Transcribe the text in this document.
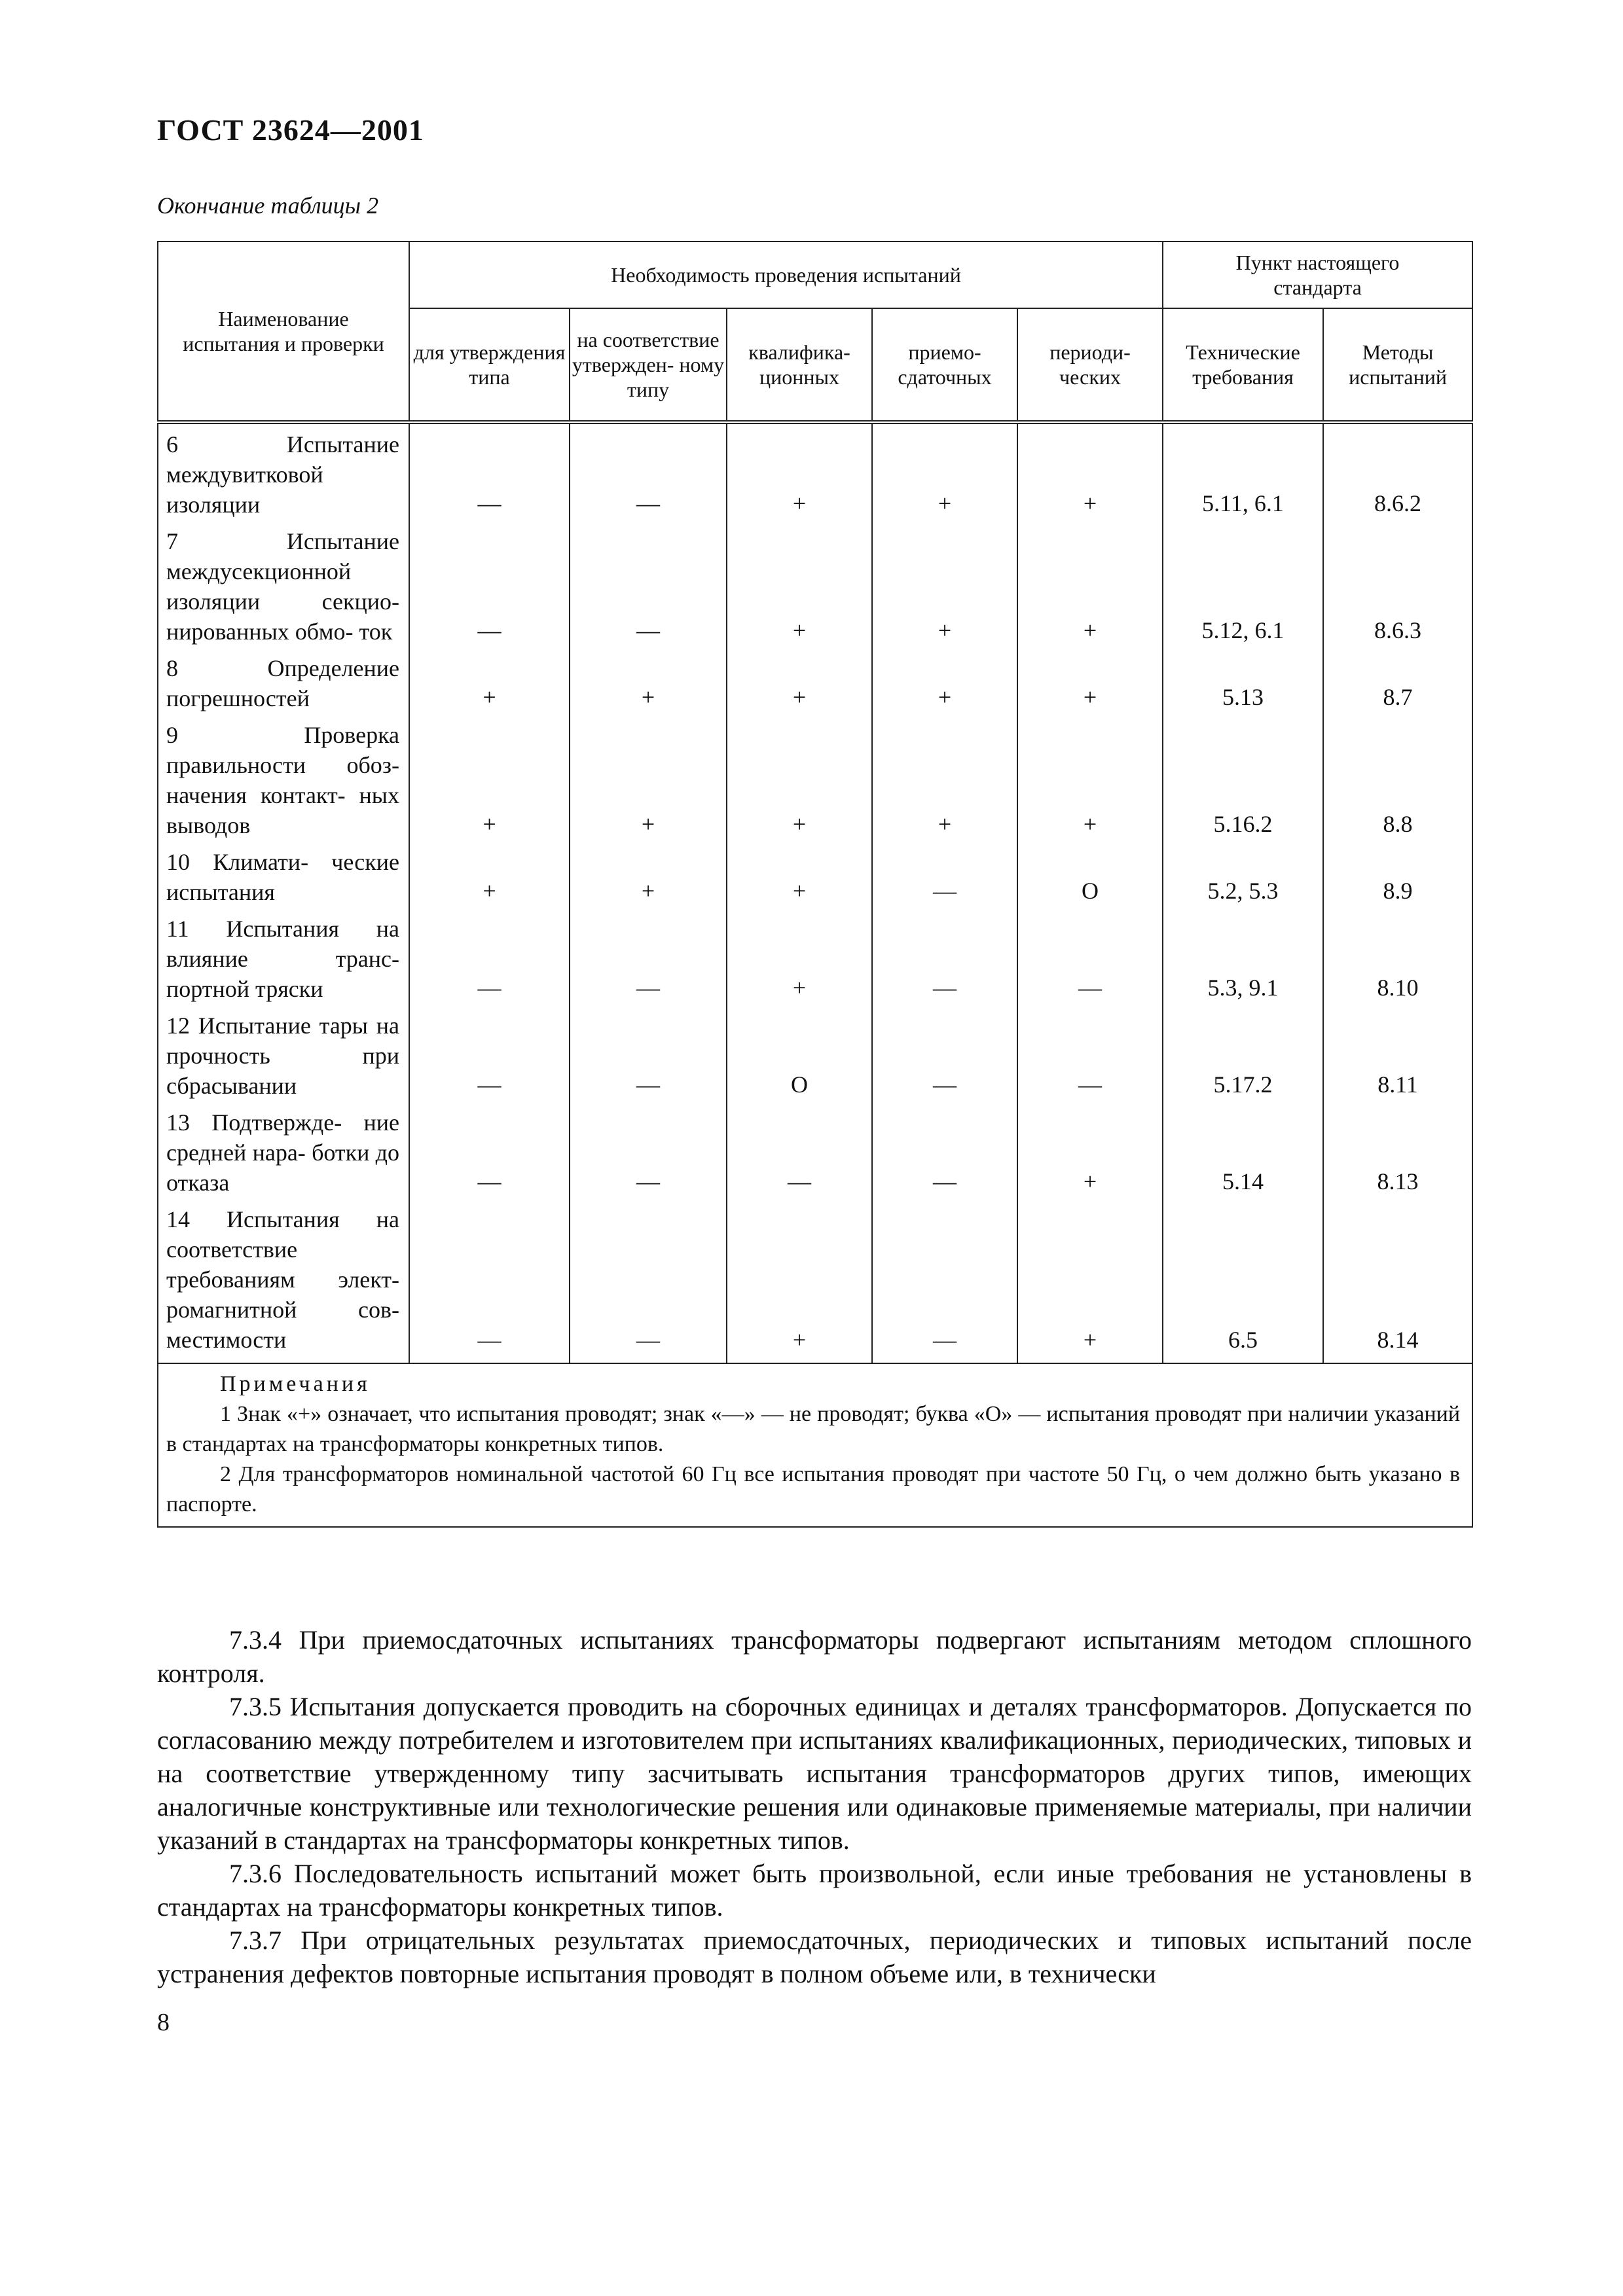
ГОСТ 23624—2001
Окончание таблицы 2
Наименование испытания и проверки	Необходимость проведения испытаний					Пункт настоящего стандарта	
	для утверждения типа	на соответствие утвержден- ному типу	квалифика- ционных	приемо- сдаточных	периоди- ческих	Технические требования	Методы испытаний
6 Испытание междувитковой изоляции	—	—	+	+	+	5.11, 6.1	8.6.2
7 Испытание междусекционной изоляции секцио- нированных обмо- ток	—	—	+	+	+	5.12, 6.1	8.6.3
8 Определение погрешностей	+	+	+	+	+	5.13	8.7
9 Проверка правильности обоз- начения контакт- ных выводов	+	+	+	+	+	5.16.2	8.8
10 Климати- ческие испытания	+	+	+	—	О	5.2, 5.3	8.9
11 Испытания на влияние транс- портной тряски	—	—	+	—	—	5.3, 9.1	8.10
12 Испытание тары на прочность при сбрасывании	—	—	О	—	—	5.17.2	8.11
13 Подтвержде- ние средней нара- ботки до отказа	—	—	—	—	+	5.14	8.13
14 Испытания на соответствие требованиям элект- ромагнитной сов- местимости	—	—	+	—	+	6.5	8.14

Примечания

1 Знак «+» означает, что испытания проводят; знак «—» — не проводят; буква «О» — испытания проводят при наличии указаний в стандартах на трансформаторы конкретных типов.

2 Для трансформаторов номинальной частотой 60 Гц все испытания проводят при частоте 50 Гц, о чем должно быть указано в паспорте.							

7.3.4 При приемосдаточных испытаниях трансформаторы подвергают испытаниям методом сплошного контроля.

7.3.5 Испытания допускается проводить на сборочных единицах и деталях трансформаторов. Допускается по согласованию между потребителем и изготовителем при испытаниях квалификационных, периодических, типовых и на соответствие утвержденному типу засчитывать испытания трансформаторов других типов, имеющих аналогичные конструктивные или технологические решения или одинаковые применяемые материалы, при наличии указаний в стандартах на трансформаторы конкретных типов.

7.3.6 Последовательность испытаний может быть произвольной, если иные требования не установлены в стандартах на трансформаторы конкретных типов.

7.3.7 При отрицательных результатах приемосдаточных, периодических и типовых испытаний после устранения дефектов повторные испытания проводят в полном объеме или, в технически

8
